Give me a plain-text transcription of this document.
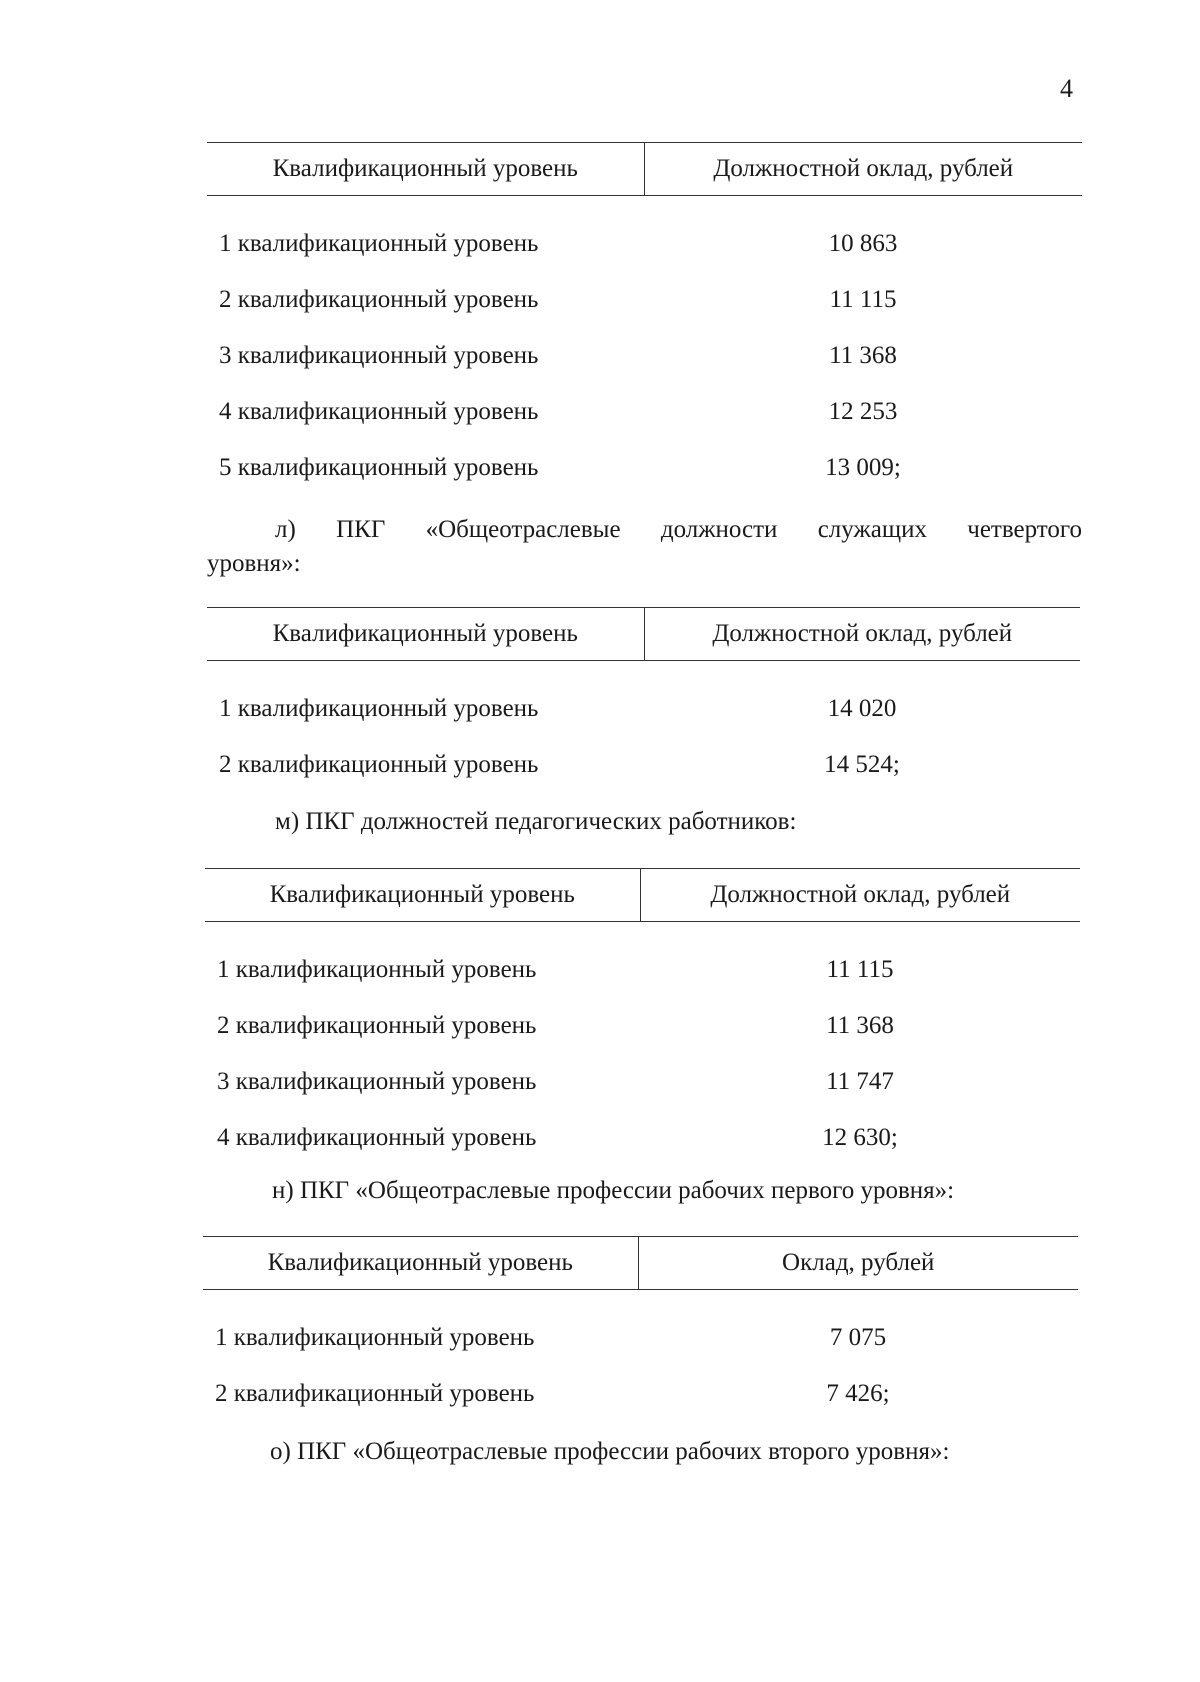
4
Квалификационный уровень	Должностной оклад, рублей
1 квалификационный уровень	10 863
2 квалификационный уровень	11 115
3 квалификационный уровень	11 368
4 квалификационный уровень	12 253
5 квалификационный уровень	13 009;
л) ПКГ «Общеотраслевые должности служащих четвертого
уровня»:
Квалификационный уровень	Должностной оклад, рублей
1 квалификационный уровень	14 020
2 квалификационный уровень	14 524;
м) ПКГ должностей педагогических работников:
Квалификационный уровень	Должностной оклад, рублей
1 квалификационный уровень	11 115
2 квалификационный уровень	11 368
3 квалификационный уровень	11 747
4 квалификационный уровень	12 630;
н) ПКГ «Общеотраслевые профессии рабочих первого уровня»:
Квалификационный уровень	Оклад, рублей
1 квалификационный уровень	7 075
2 квалификационный уровень	7 426;
о) ПКГ «Общеотраслевые профессии рабочих второго уровня»:
